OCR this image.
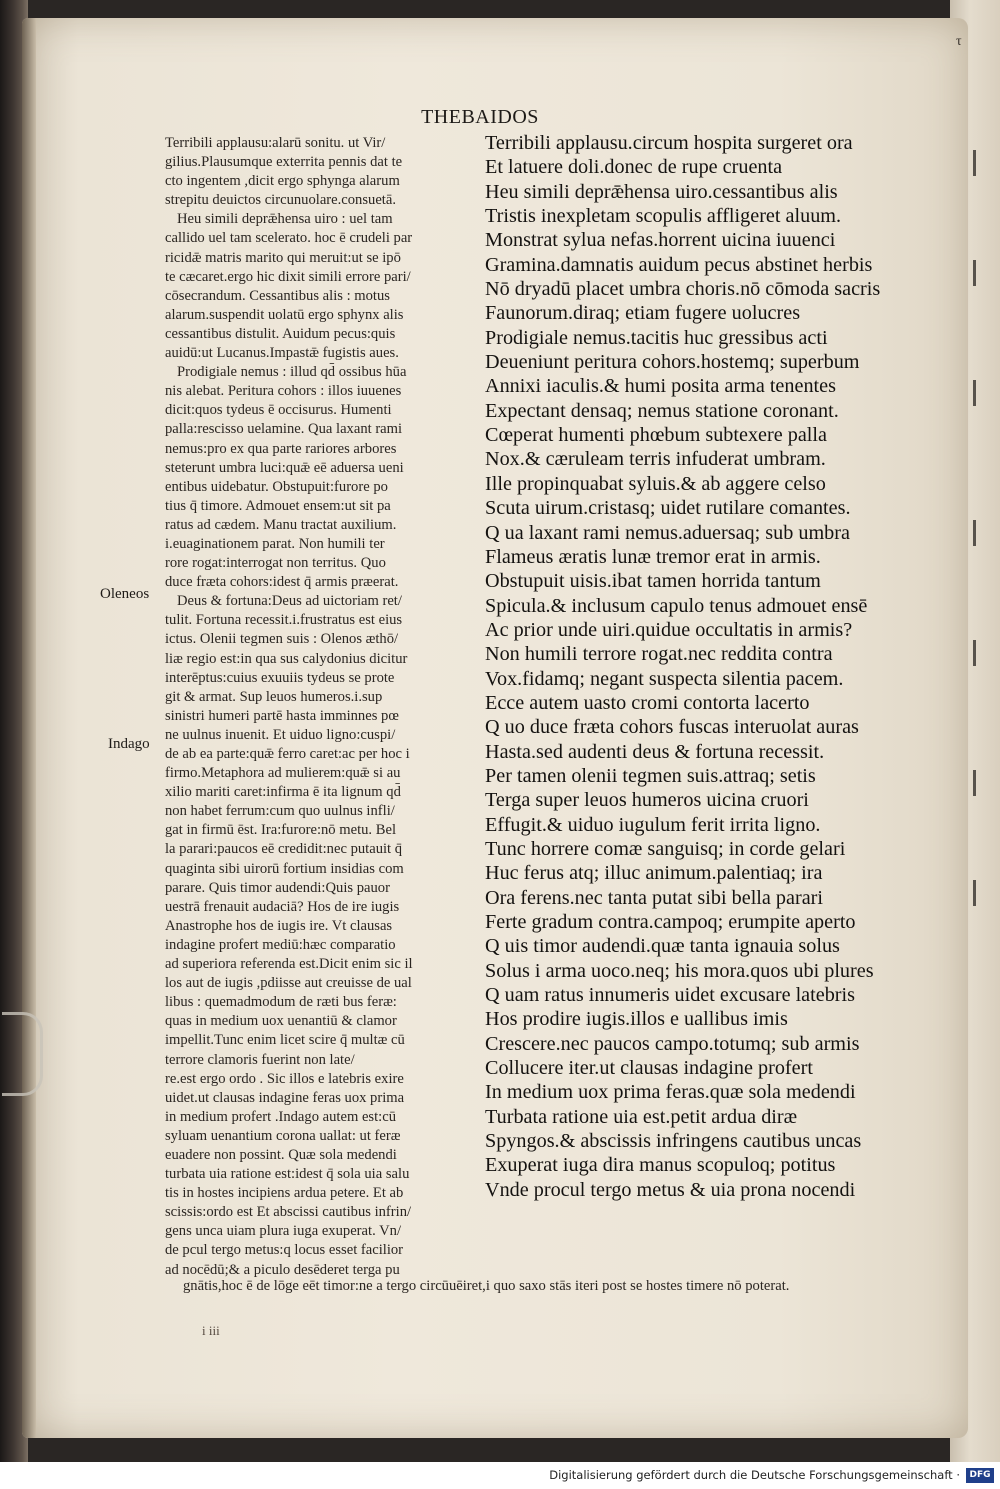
τ
THEBAIDOS
Oleneos
Indago
Terribili applausu:alarū sonitu. ut Vir/
gilius.Plausumque exterrita pennis dat te
cto ingentem ,dicit ergo sphynga alarum
strepitu deuictos circunuolare.consuetā.
Heu simili deprǣhensa uiro : uel tam
callido uel tam scelerato. hoc ē crudeli par
ricidǣ matris marito qui meruit:ut se ipō
te cæcaret.ergo hic dixit simili errore pari/
cōsecrandum. Cessantibus alis : motus
alarum.suspendit uolatū ergo sphynx alis
cessantibus distulit. Auidum pecus:quis
auidū:ut Lucanus.Impastǣ fugistis aues.
Prodigiale nemus : illud qd̄ ossibus hūa
nis alebat. Peritura cohors : illos iuuenes
dicit:quos tydeus ē occisurus. Humenti
palla:rescisso uelamine. Qua laxant rami
nemus:pro ex qua parte rariores arbores
steterunt umbra luci:quǣ eē aduersa ueni
entibus uidebatur. Obstupuit:furore po
tius q̄ timore. Admouet ensem:ut sit pa
ratus ad cædem. Manu tractat auxilium.
i.euaginationem parat. Non humili ter
rore rogat:interrogat non territus. Quo
duce fræta cohors:idest q̄ armis præerat.
Deus & fortuna:Deus ad uictoriam ret/
tulit. Fortuna recessit.i.frustratus est eius
ictus. Olenii tegmen suis : Olenos æthō/
liæ regio est:in qua sus calydonius dicitur
interēptus:cuius exuuiis tydeus se prote
git & armat. Sup leuos humeros.i.sup
sinistri humeri partē hasta imminnes pœ
ne uulnus inuenit. Et uiduo ligno:cuspi/
de ab ea parte:quǣ ferro caret:ac per hoc i
firmo.Metaphora ad mulierem:quǣ si au
xilio mariti caret:infirma ē ita lignum qd̄
non habet ferrum:cum quo uulnus infli/
gat in firmū ēst. Ira:furore:nō metu. Bel
la parari:paucos eē credidit:nec putauit q̄
quaginta sibi uirorū fortium insidias com
parare. Quis timor audendi:Quis pauor
uestrā frenauit audaciā? Hos de ire iugis
Anastrophe hos de iugis ire. Vt clausas
indagine profert mediū:hæc comparatio
ad superiora referenda est.Dicit enim sic il
los aut de iugis ,pdiisse aut creuisse de ual
libus : quemadmodum de ræti bus feræ:
quas in medium uox uenantiū & clamor
impellit.Tunc enim licet scire q̄ multæ cū
terrore clamoris fuerint non late/
re.est ergo ordo . Sic illos e latebris exire
uidet.ut clausas indagine feras uox prima
in medium profert .Indago autem est:cū
syluam uenantium corona uallat: ut feræ
euadere non possint. Quæ sola medendi
turbata uia ratione est:idest q̄ sola uia salu
tis in hostes incipiens ardua petere. Et ab
scissis:ordo est Et abscissi cautibus infrin/
gens unca uiam plura iuga exuperat. Vn/
de pcul tergo metus:q locus esset facilior
ad nocēdū;& a piculo desēderet terga pu
Terribili applausu.circum hospita surgeret ora
Et latuere doli.donec de rupe cruenta
Heu simili deprǣhensa uiro.cessantibus alis
Tristis inexpletam scopulis affligeret aluum.
Monstrat sylua nefas.horrent uicina iuuenci
Gramina.damnatis auidum pecus abstinet herbis
Nō dryadū placet umbra choris.nō cōmoda sacris
Faunorum.diraq; etiam fugere uolucres
Prodigiale nemus.tacitis huc gressibus acti
Deueniunt peritura cohors.hostemq; superbum
Annixi iaculis.& humi posita arma tenentes
Expectant densaq; nemus statione coronant.
Cœperat humenti phœbum subtexere palla
Nox.& cæruleam terris infuderat umbram.
Ille propinquabat syluis.& ab aggere celso
Scuta uirum.cristasq; uidet rutilare comantes.
Q ua laxant rami nemus.aduersaq; sub umbra
Flameus æratis lunæ tremor erat in armis.
Obstupuit uisis.ibat tamen horrida tantum
Spicula.& inclusum capulo tenus admouet ensē
Ac prior unde uiri.quidue occultatis in armis?
Non humili terrore rogat.nec reddita contra
Vox.fidamq; negant suspecta silentia pacem.
Ecce autem uasto cromi contorta lacerto
Q uo duce fræta cohors fuscas interuolat auras
Hasta.sed audenti deus & fortuna recessit.
Per tamen olenii tegmen suis.attraq; setis
Terga super leuos humeros uicina cruori
Effugit.& uiduo iugulum ferit irrita ligno.
Tunc horrere comæ sanguisq; in corde gelari
Huc ferus atq; illuc animum.palentiaq; ira
Ora ferens.nec tanta putat sibi bella parari
Ferte gradum contra.campoq; erumpite aperto
Q uis timor audendi.quæ tanta ignauia solus
Solus i arma uoco.neq; his mora.quos ubi plures
Q uam ratus innumeris uidet excusare latebris
Hos prodire iugis.illos e uallibus imis
Crescere.nec paucos campo.totumq; sub armis
Collucere iter.ut clausas indagine profert
In medium uox prima feras.quæ sola medendi
Turbata ratione uia est.petit ardua diræ
Spyngos.& abscissis infringens cautibus uncas
Exuperat iuga dira manus scopuloq; potitus
Vnde procul tergo metus & uia prona nocendi
gnātis,hoc ē de lōge eēt timor:ne a tergo circūuēiret,i quo saxo stās iteri post se hostes timere nō poterat.
i iii
Digitalisierung gefördert durch die Deutsche Forschungsgemeinschaft ·	DFG
